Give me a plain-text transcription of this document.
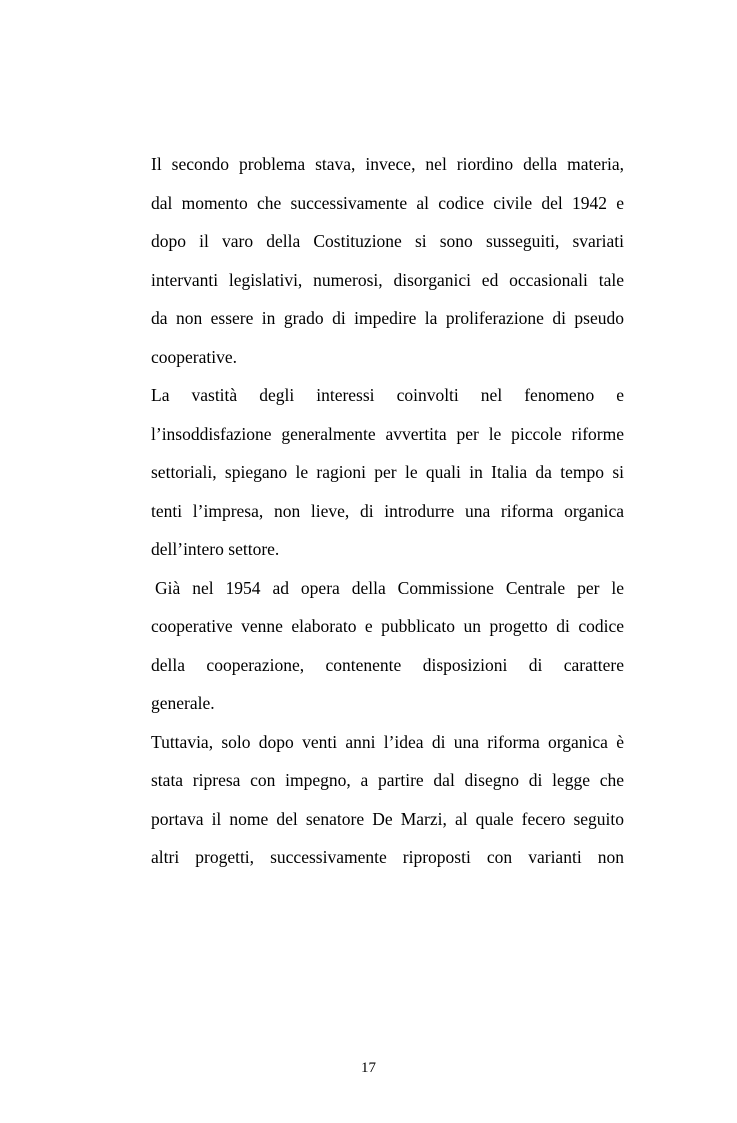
Il secondo problema stava, invece, nel riordino della materia,
dal momento che successivamente al codice civile del 1942 e
dopo il varo della Costituzione si sono susseguiti, svariati
intervanti legislativi, numerosi, disorganici ed occasionali tale
da non essere in grado di impedire la proliferazione di pseudo
cooperative.
La vastità degli interessi coinvolti nel fenomeno e
l’insoddisfazione generalmente avvertita per le piccole riforme
settoriali, spiegano le ragioni per le quali in Italia da tempo si
tenti l’impresa, non lieve, di introdurre una riforma organica
dell’intero settore.
Già nel 1954 ad opera della Commissione Centrale per le
cooperative venne elaborato e pubblicato un progetto di codice
della cooperazione, contenente disposizioni di carattere
generale.
Tuttavia, solo dopo venti anni l’idea di una riforma organica è
stata ripresa con impegno, a partire dal disegno di legge che
portava il nome del senatore De Marzi, al quale fecero seguito
altri progetti, successivamente riproposti con varianti non
17
